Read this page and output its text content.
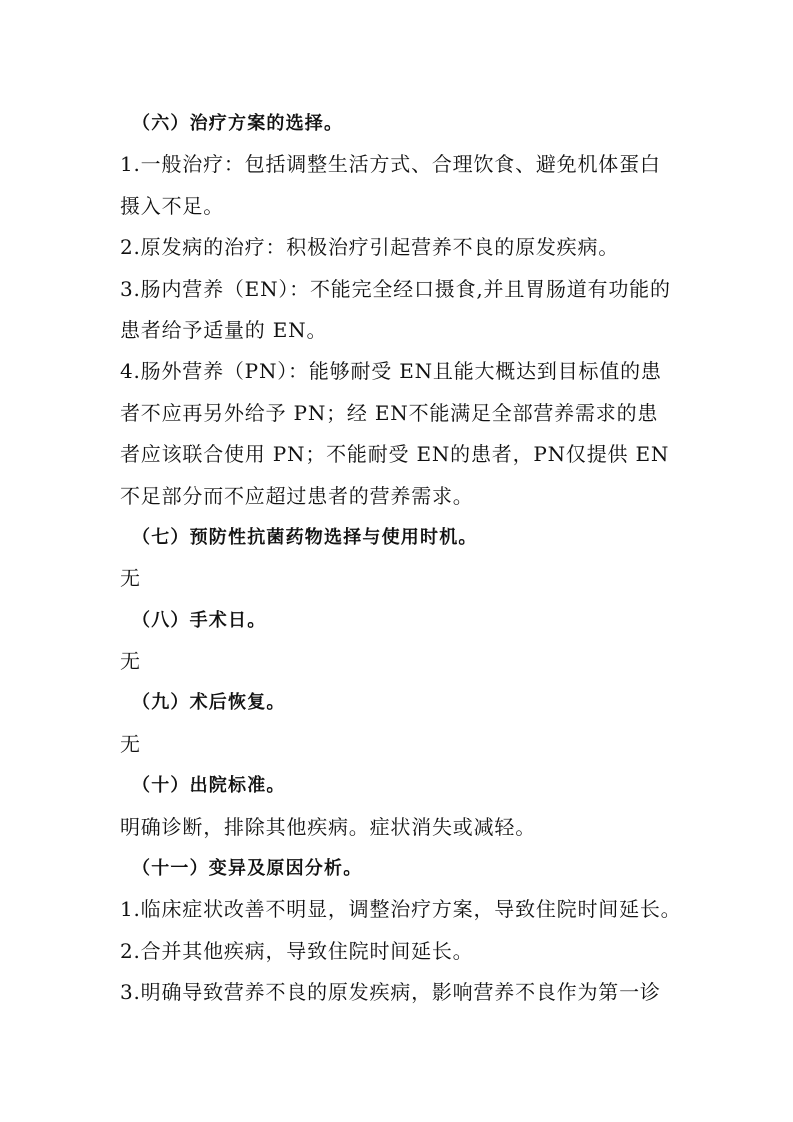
（六）治疗方案的选择。
1.一般治疗：包括调整生活方式、合理饮食、避免机体蛋白
摄入不足。
2.原发病的治疗：积极治疗引起营养不良的原发疾病。
3.肠内营养（EN）：不能完全经口摄食,并且胃肠道有功能的
患者给予适量的 EN。
4.肠外营养（PN）：能够耐受 EN且能大概达到目标值的患
者不应再另外给予 PN；经 EN不能满足全部营养需求的患
者应该联合使用 PN；不能耐受 EN的患者，PN仅提供 EN
不足部分而不应超过患者的营养需求。
（七）预防性抗菌药物选择与使用时机。
无
（八）手术日。
无
（九）术后恢复。
无
（十）出院标准。
明确诊断，排除其他疾病。症状消失或减轻。
（十一）变异及原因分析。
1.临床症状改善不明显，调整治疗方案，导致住院时间延长。
2.合并其他疾病，导致住院时间延长。
3.明确导致营养不良的原发疾病，影响营养不良作为第一诊
